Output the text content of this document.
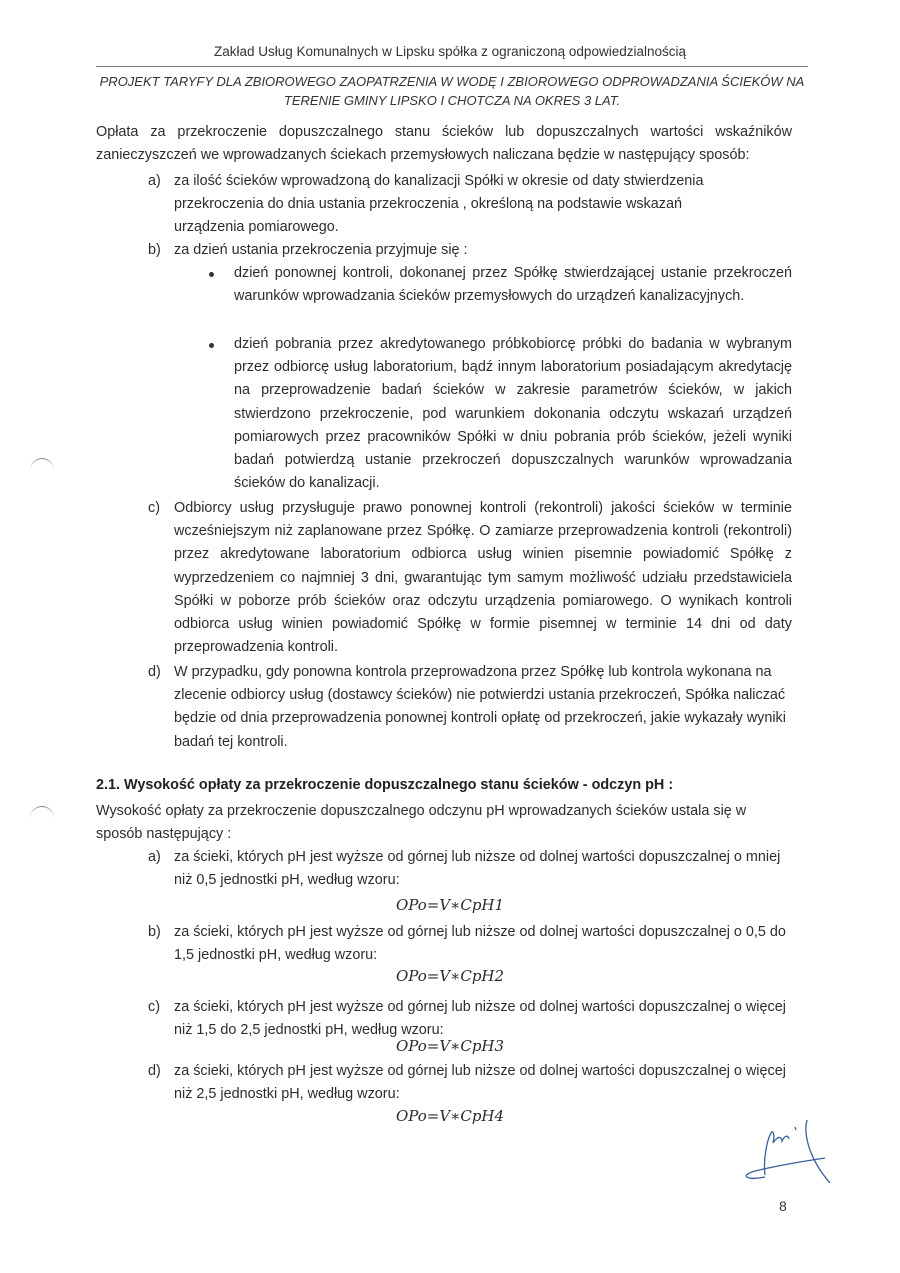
Zakład Usług Komunalnych w Lipsku spółka z ograniczoną odpowiedzialnością
PROJEKT TARYFY DLA ZBIOROWEGO ZAOPATRZENIA W WODĘ I ZBIOROWEGO ODPROWADZANIA ŚCIEKÓW NA
TERENIE GMINY LIPSKO I CHOTCZA NA OKRES 3 LAT.
Opłata za przekroczenie dopuszczalnego stanu ścieków lub dopuszczalnych wartości wskaźników zanieczyszczeń we wprowadzanych ściekach przemysłowych naliczana będzie w następujący sposób:
a) za ilość ścieków wprowadzoną do kanalizacji Spółki w okresie od daty stwierdzenia przekroczenia do dnia ustania przekroczenia , określoną na podstawie wskazań urządzenia pomiarowego.
b) za dzień ustania przekroczenia przyjmuje się :
dzień ponownej kontroli, dokonanej przez Spółkę stwierdzającej ustanie przekroczeń warunków wprowadzania ścieków przemysłowych do urządzeń kanalizacyjnych.
dzień pobrania przez akredytowanego próbkobiorcę próbki do badania w wybranym przez odbiorcę usług laboratorium, bądź innym laboratorium posiadającym akredytację na przeprowadzenie badań ścieków w zakresie parametrów ścieków, w jakich stwierdzono przekroczenie, pod warunkiem dokonania odczytu wskazań urządzeń pomiarowych przez pracowników Spółki w dniu pobrania prób ścieków, jeżeli wyniki badań potwierdzą ustanie przekroczeń dopuszczalnych warunków wprowadzania ścieków do kanalizacji.
c) Odbiorcy usług przysługuje prawo ponownej kontroli (rekontroli) jakości ścieków w terminie wcześniejszym niż zaplanowane przez Spółkę. O zamiarze przeprowadzenia kontroli (rekontroli) przez akredytowane laboratorium odbiorca usług winien pisemnie powiadomić Spółkę z wyprzedzeniem co najmniej 3 dni, gwarantując tym samym możliwość udziału przedstawiciela Spółki w poborze prób ścieków oraz odczytu urządzenia pomiarowego. O wynikach kontroli odbiorca usług winien powiadomić Spółkę w formie pisemnej w terminie 14 dni od daty przeprowadzenia kontroli.
d) W przypadku, gdy ponowna kontrola przeprowadzona przez Spółkę lub kontrola wykonana na zlecenie odbiorcy usług (dostawcy ścieków) nie potwierdzi ustania przekroczeń, Spółka naliczać będzie od dnia przeprowadzenia ponownej kontroli opłatę od przekroczeń, jakie wykazały wyniki badań tej kontroli.
2.1. Wysokość opłaty za przekroczenie dopuszczalnego stanu ścieków - odczyn pH :
Wysokość opłaty za przekroczenie dopuszczalnego odczynu pH wprowadzanych ścieków ustala się w sposób następujący :
a) za ścieki, których pH jest wyższe od górnej lub niższe od dolnej wartości dopuszczalnej o mniej niż 0,5 jednostki pH, według wzoru:
b) za ścieki, których pH jest wyższe od górnej lub niższe od dolnej wartości dopuszczalnej o 0,5 do 1,5 jednostki pH, według wzoru:
c) za ścieki, których pH jest wyższe od górnej lub niższe od dolnej wartości dopuszczalnej o więcej niż 1,5 do 2,5 jednostki pH, według wzoru:
d) za ścieki, których pH jest wyższe od górnej lub niższe od dolnej wartości dopuszczalnej o więcej niż 2,5 jednostki pH, według wzoru:
OPo=V∗CpH1
OPo=V∗CpH2
OPo=V∗CpH3
OPo=V∗CpH4
8
